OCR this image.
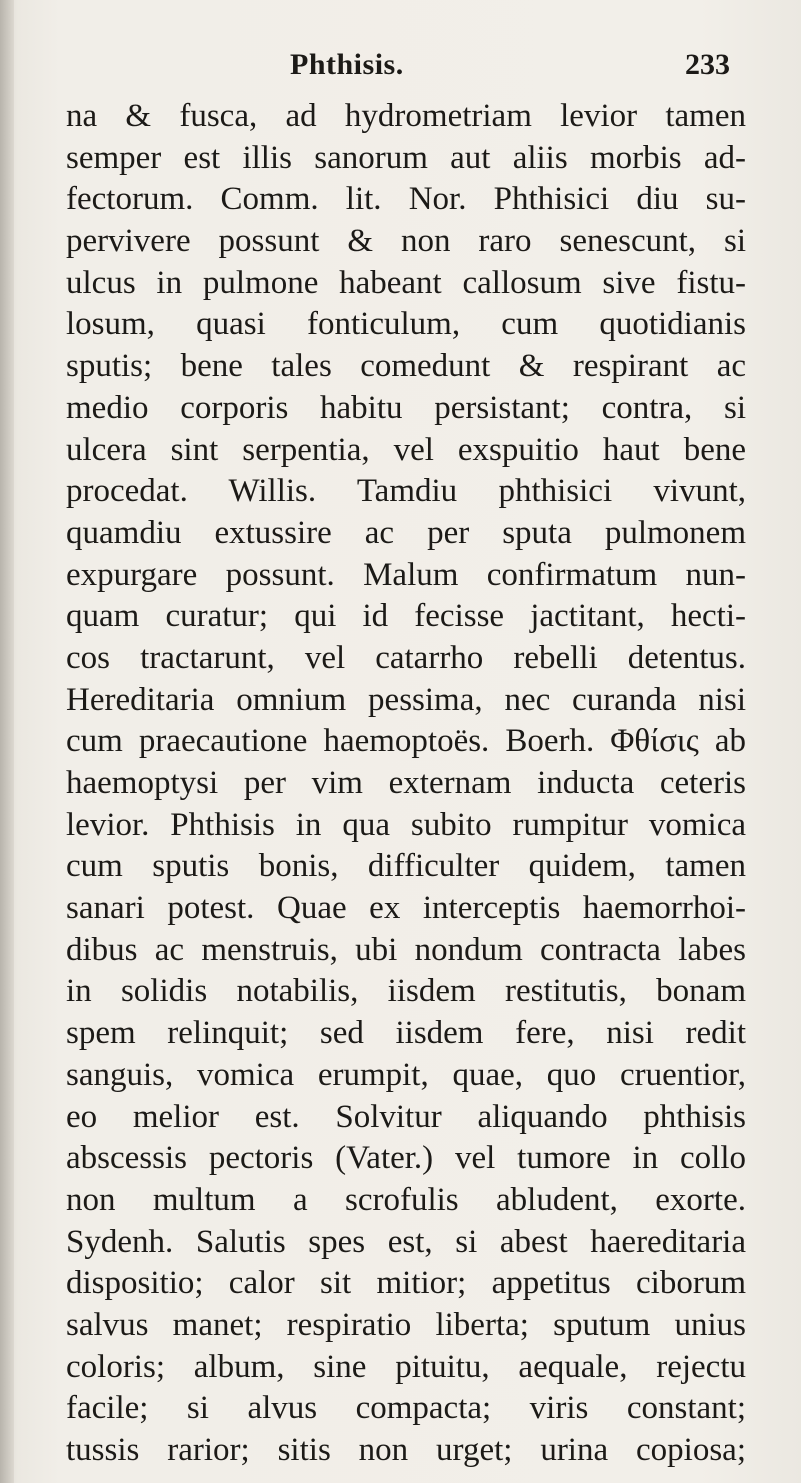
Phthisis.	233
na & fusca, ad hydrometriam levior tamen
semper est illis sanorum aut aliis morbis ad-
fectorum. Comm. lit. Nor. Phthisici diu su-
pervivere possunt & non raro senescunt, si
ulcus in pulmone habeant callosum sive fistu-
losum, quasi fonticulum, cum quotidianis
sputis; bene tales comedunt & respirant ac
medio corporis habitu persistant; contra, si
ulcera sint serpentia, vel exspuitio haut bene
procedat. Willis. Tamdiu phthisici vivunt,
quamdiu extussire ac per sputa pulmonem
expurgare possunt. Malum confirmatum nun-
quam curatur; qui id fecisse jactitant, hecti-
cos tractarunt, vel catarrho rebelli detentus.
Hereditaria omnium pessima, nec curanda nisi
cum praecautione haemoptoës. Boerh. Φθίσις ab
haemoptysi per vim externam inducta ceteris
levior. Phthisis in qua subito rumpitur vomica
cum sputis bonis, difficulter quidem, tamen
sanari potest. Quae ex interceptis haemorrhoi-
dibus ac menstruis, ubi nondum contracta labes
in solidis notabilis, iisdem restitutis, bonam
spem relinquit; sed iisdem fere, nisi redit
sanguis, vomica erumpit, quae, quo cruentior,
eo melior est. Solvitur aliquando phthisis
abscessis pectoris (Vater.) vel tumore in collo
non multum a scrofulis abludent, exorte.
Sydenh. Salutis spes est, si abest haereditaria
dispositio; calor sit mitior; appetitus ciborum
salvus manet; respiratio liberta; sputum unius
coloris; album, sine pituitu, aequale, rejectu
facile; si alvus compacta; viris constant;
tussis rarior; sitis non urget; urina copiosa;
